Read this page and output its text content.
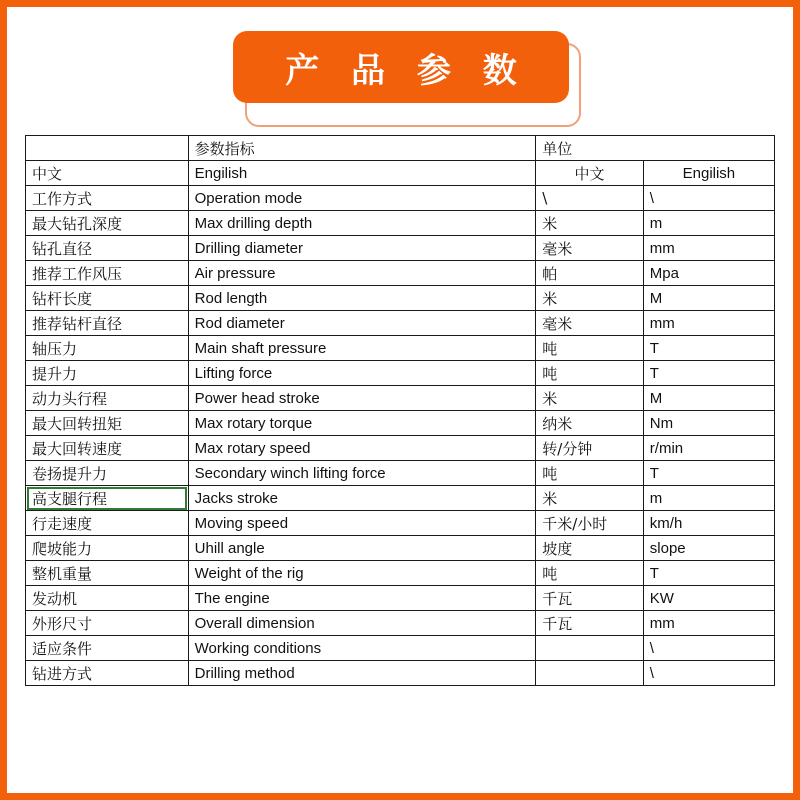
产 品 参 数
	参数指标	单位	
中文	Engilish	中文	Engilish	
工作方式	Operation mode	\	\	
最大钻孔深度	Max drilling depth	米	m	
钻孔直径	Drilling diameter	毫米	mm	
推荐工作风压	Air pressure	帕	Mpa	
钻杆长度	Rod length	米	M	
推荐钻杆直径	Rod diameter	毫米	mm	
轴压力	Main shaft pressure	吨	T	
提升力	Lifting force	吨	T	
动力头行程	Power head stroke	米	M	
最大回转扭矩	Max rotary torque	纳米	Nm	
最大回转速度	Max rotary speed	转/分钟	r/min	
卷扬提升力	Secondary winch lifting force	吨	T	
高支腿行程	Jacks stroke	米	m	
行走速度	Moving speed	千米/小时	km/h	
爬坡能力	Uhill angle	坡度	slope	
整机重量	Weight of the rig	吨	T	
发动机	The engine	千瓦	KW	
外形尺寸	Overall dimension	千瓦	mm	
适应条件	Working conditions		\	
钻进方式	Drilling method		\	
